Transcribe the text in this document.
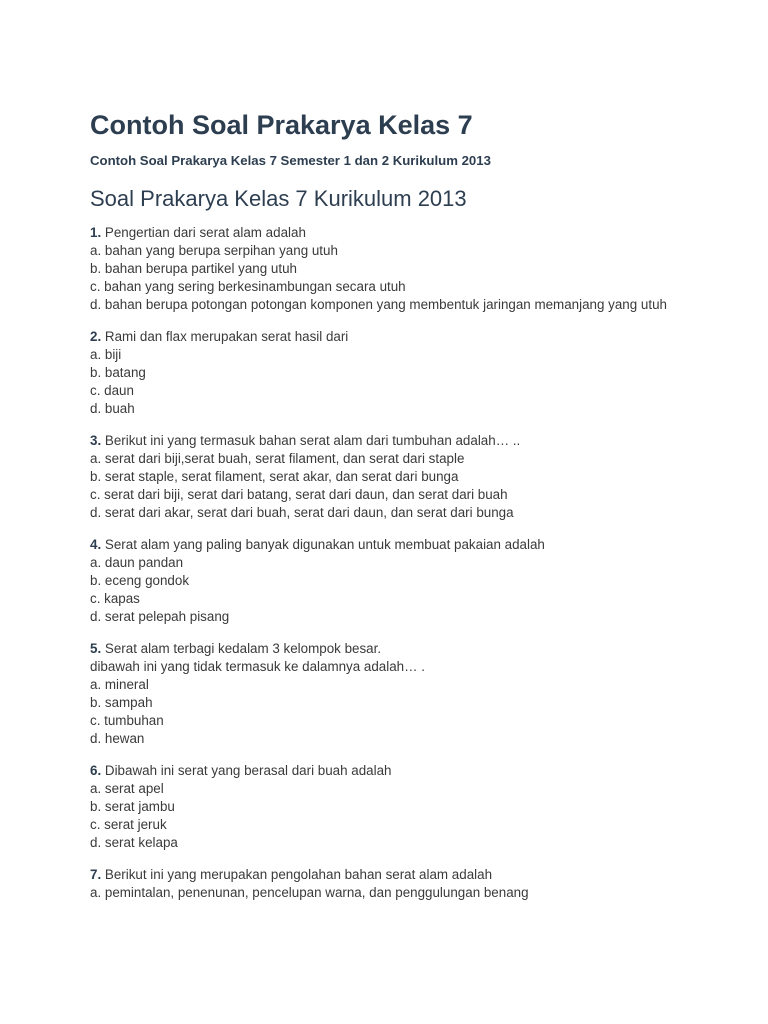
Contoh Soal Prakarya Kelas 7
Contoh Soal Prakarya Kelas 7 Semester 1 dan 2 Kurikulum 2013
Soal Prakarya Kelas 7 Kurikulum 2013
1. Pengertian dari serat alam adalah
a. bahan yang berupa serpihan yang utuh
b. bahan berupa partikel yang utuh
c. bahan yang sering berkesinambungan secara utuh
d. bahan berupa potongan potongan komponen yang membentuk jaringan memanjang yang utuh
2. Rami dan flax merupakan serat hasil dari
a. biji
b. batang
c. daun
d. buah
3. Berikut ini yang termasuk bahan serat alam dari tumbuhan adalah… ..
a. serat dari biji,serat buah, serat filament, dan serat dari staple
b. serat staple, serat filament, serat akar, dan serat dari bunga
c. serat dari biji, serat dari batang, serat dari daun, dan serat dari buah
d. serat dari akar, serat dari buah, serat dari daun, dan serat dari bunga
4. Serat alam yang paling banyak digunakan untuk membuat pakaian adalah
a. daun pandan
b. eceng gondok
c. kapas
d. serat pelepah pisang
5. Serat alam terbagi kedalam 3 kelompok besar.
dibawah ini yang tidak termasuk ke dalamnya adalah… .
a. mineral
b. sampah
c. tumbuhan
d. hewan
6. Dibawah ini serat yang berasal dari buah adalah
a. serat apel
b. serat jambu
c. serat jeruk
d. serat kelapa
7. Berikut ini yang merupakan pengolahan bahan serat alam adalah
a. pemintalan, penenunan, pencelupan warna, dan penggulungan benang
